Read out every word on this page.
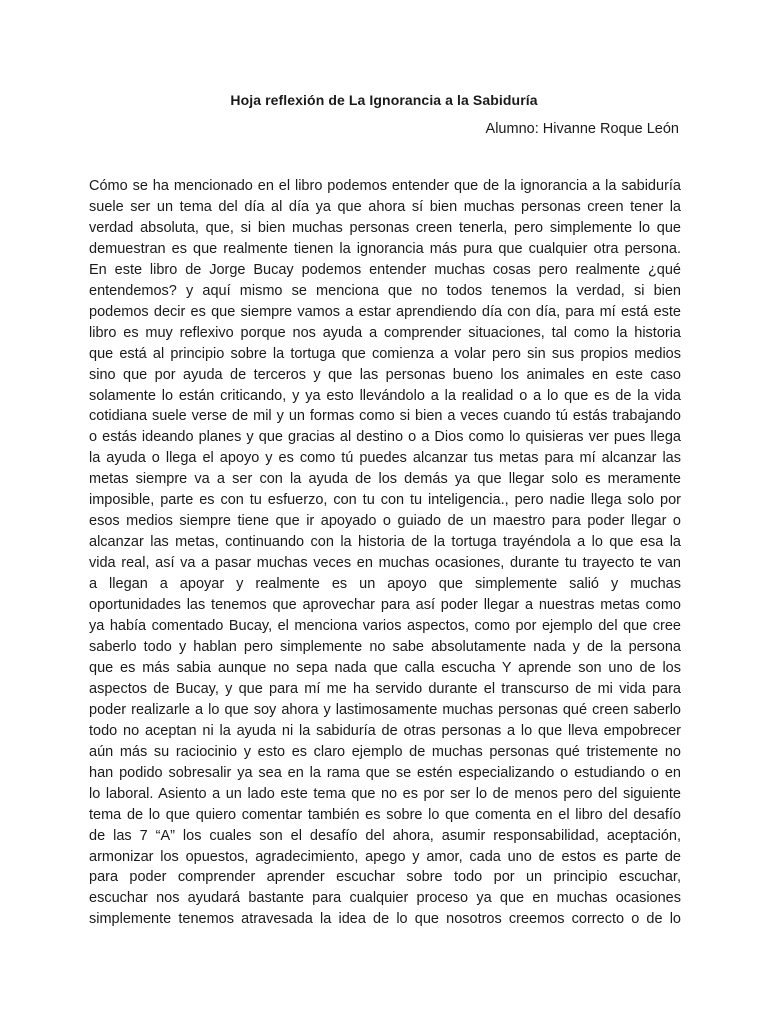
Hoja reflexión de La Ignorancia a la Sabiduría
Alumno: Hivanne Roque León
Cómo se ha mencionado en el libro podemos entender que de la ignorancia a la sabiduría
suele ser un tema del día al día ya que ahora sí bien muchas personas creen tener la
verdad absoluta, que, si bien muchas personas creen tenerla, pero simplemente lo que
demuestran es que realmente tienen la ignorancia más pura que cualquier otra persona.
En este libro de Jorge Bucay podemos entender muchas cosas pero realmente ¿qué
entendemos? y aquí mismo se menciona que no todos tenemos la verdad, si bien
podemos decir es que siempre vamos a estar aprendiendo día con día, para mí está este
libro es muy reflexivo porque nos ayuda a comprender situaciones, tal como la historia
que está al principio sobre la tortuga que comienza a volar pero sin sus propios medios
sino que por ayuda de terceros y que las personas bueno los animales en este caso
solamente lo están criticando, y ya esto llevándolo a la realidad o a lo que es de la vida
cotidiana suele verse de mil y un formas como si bien a veces cuando tú estás trabajando
o estás ideando planes y que gracias al destino o a Dios como lo quisieras ver pues llega
la ayuda o llega el apoyo y es como tú puedes alcanzar tus metas para mí alcanzar las
metas siempre va a ser con la ayuda de los demás ya que llegar solo es meramente
imposible, parte es con tu esfuerzo, con tu con tu inteligencia., pero nadie llega solo por
esos medios siempre tiene que ir apoyado o guiado de un maestro para poder llegar o
alcanzar las metas, continuando con la historia de la tortuga trayéndola a lo que esa la
vida real, así va a pasar muchas veces en muchas ocasiones, durante tu trayecto te van
a llegan a apoyar y realmente es un apoyo que simplemente salió y muchas
oportunidades las tenemos que aprovechar para así poder llegar a nuestras metas como
ya había comentado Bucay, el menciona varios aspectos, como por ejemplo del que cree
saberlo todo y hablan pero simplemente no sabe absolutamente nada y de la persona
que es más sabia aunque no sepa nada que calla escucha Y aprende son uno de los
aspectos de Bucay, y que para mí me ha servido durante el transcurso de mi vida para
poder realizarle a lo que soy ahora y lastimosamente muchas personas qué creen saberlo
todo no aceptan ni la ayuda ni la sabiduría de otras personas a lo que lleva empobrecer
aún más su raciocinio y esto es claro ejemplo de muchas personas qué tristemente no
han podido sobresalir ya sea en la rama que se estén especializando o estudiando o en
lo laboral. Asiento a un lado este tema que no es por ser lo de menos pero del siguiente
tema de lo que quiero comentar también es sobre lo que comenta en el libro del desafío
de las 7 “A” los cuales son el desafío del ahora, asumir responsabilidad, aceptación,
armonizar los opuestos, agradecimiento, apego y amor, cada uno de estos es parte de
para poder comprender aprender escuchar sobre todo por un principio escuchar,
escuchar nos ayudará bastante para cualquier proceso ya que en muchas ocasiones
simplemente tenemos atravesada la idea de lo que nosotros creemos correcto o de lo
